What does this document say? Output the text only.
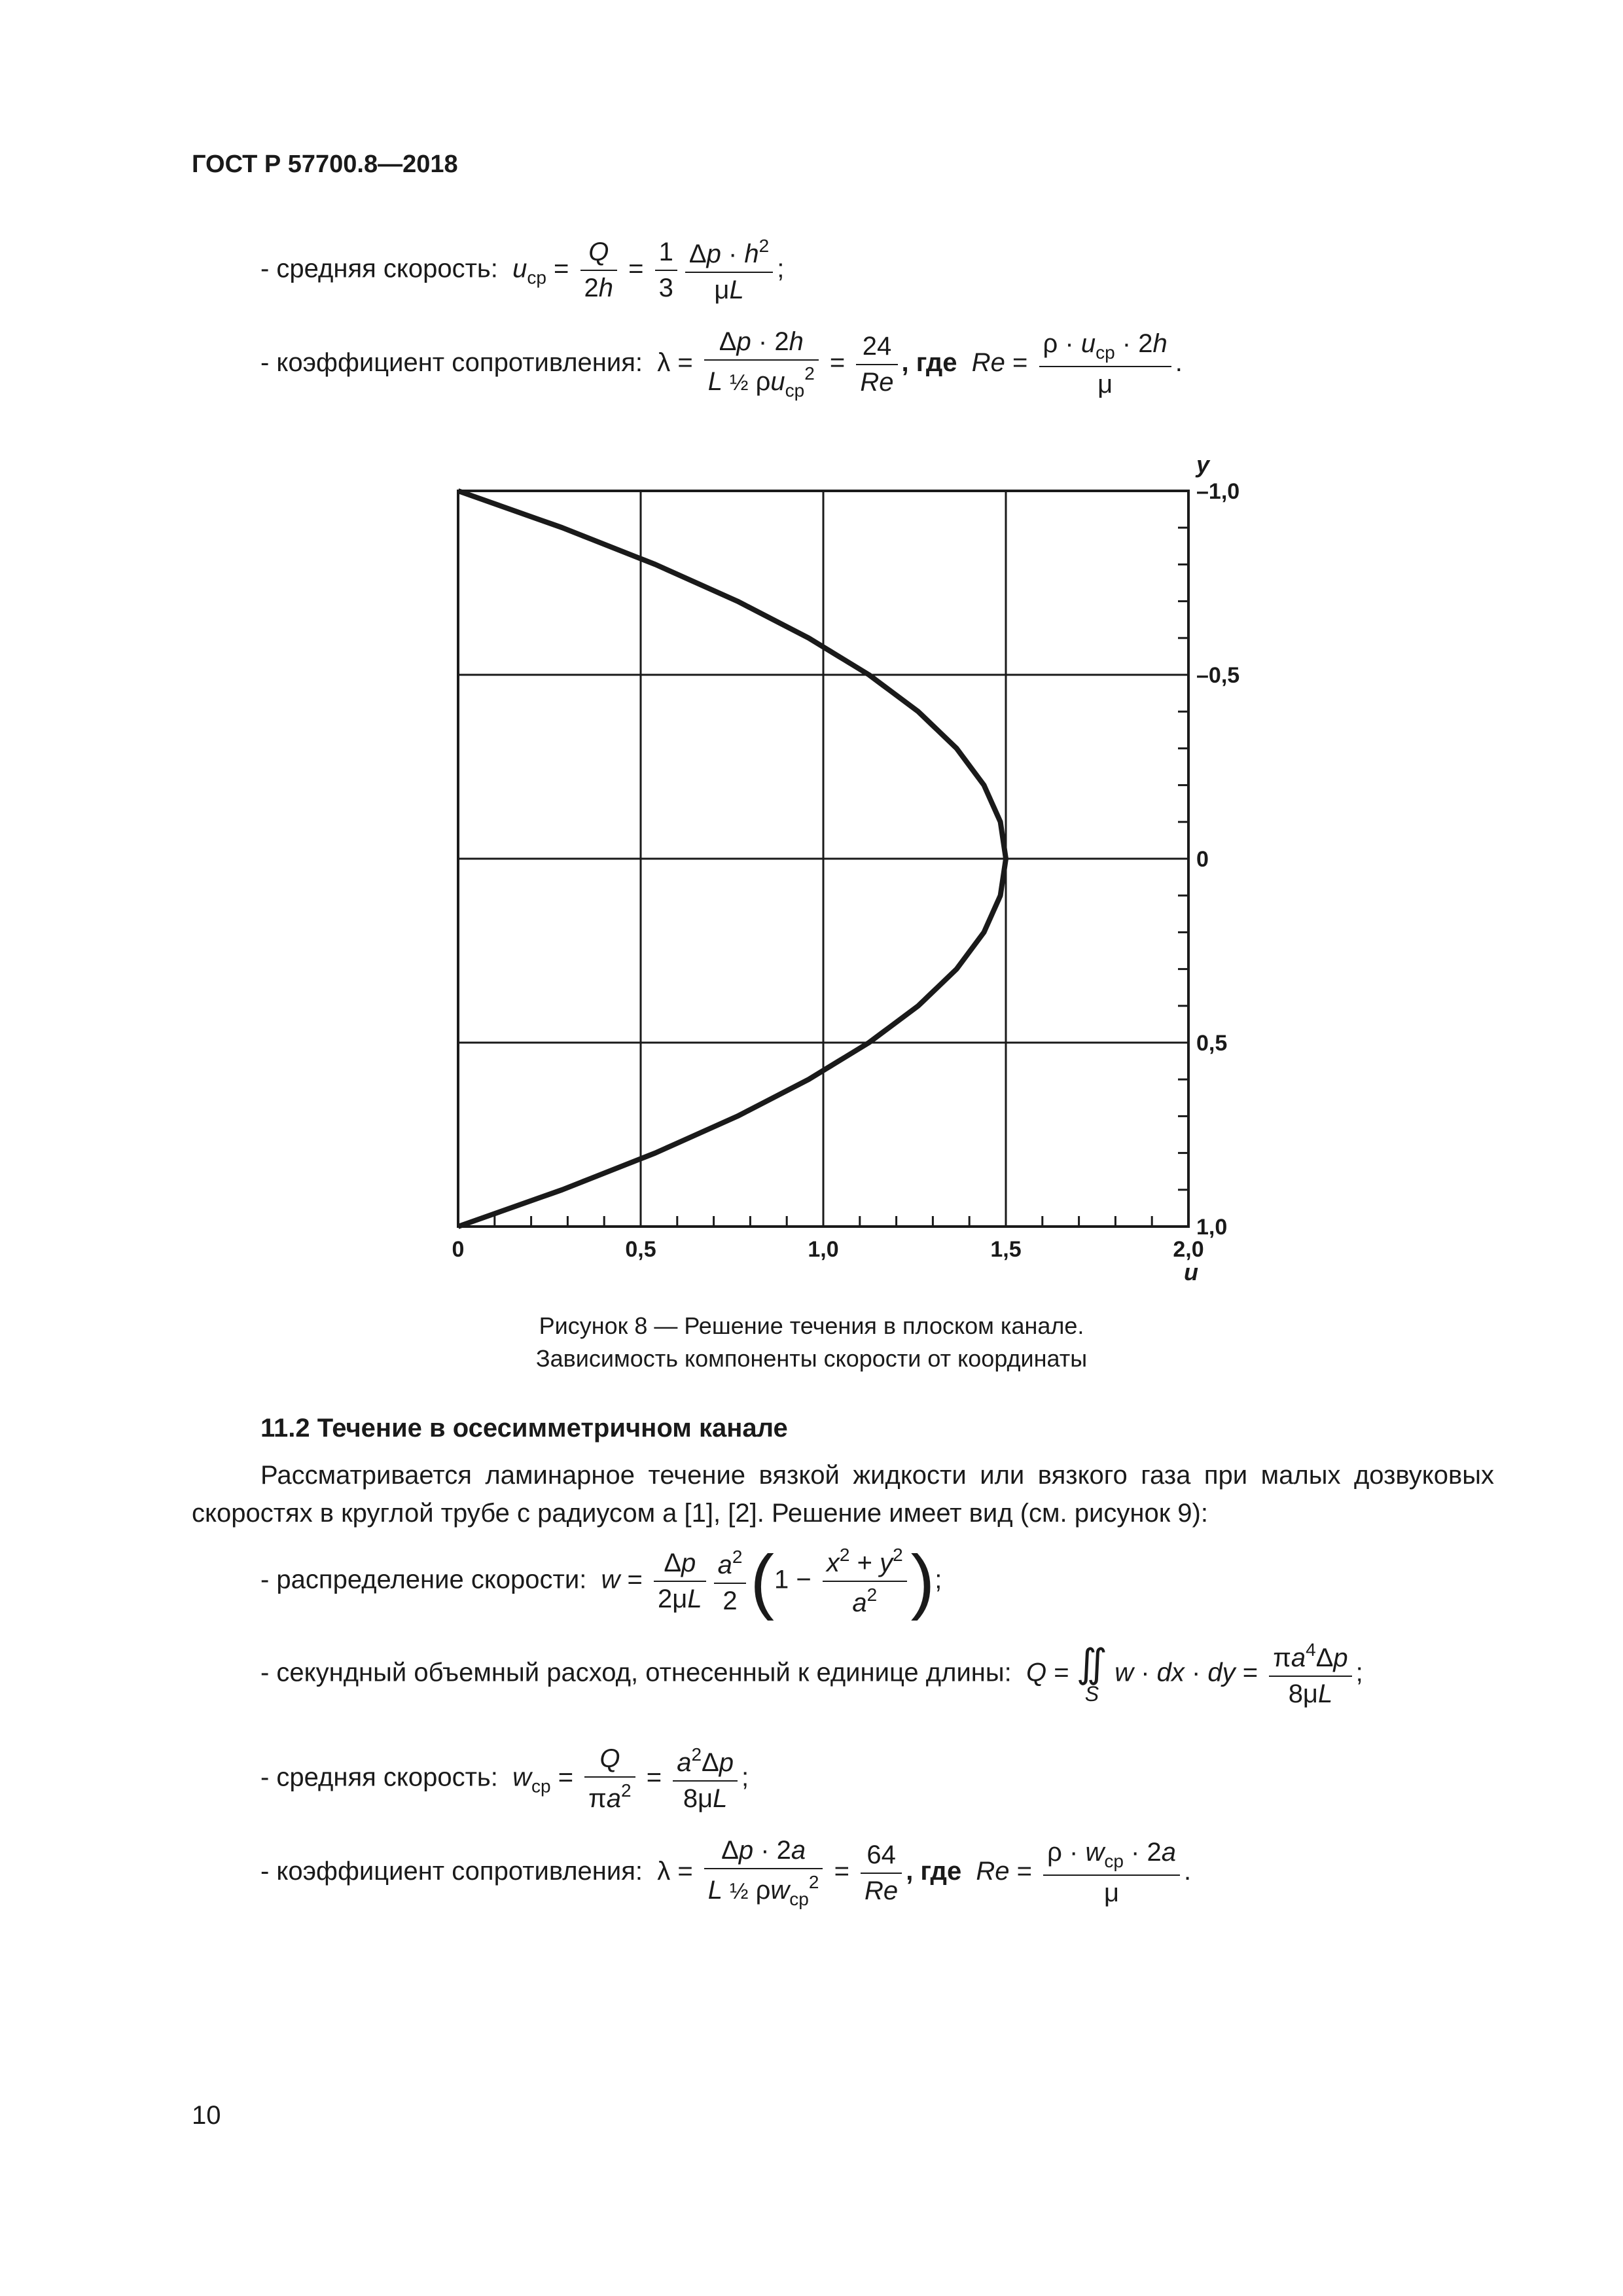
ГОСТ Р 57700.8—2018
- средняя скорость:  $u_{ср} = \frac{Q}{2h} = \frac{1}{3} \frac{\Delta p \cdot h^2}{\mu L}$ ;
- коэффициент сопротивления:  $\lambda = \frac{\Delta p \cdot 2h}{L \frac{1}{2} \rho u_{ср}^2} = \frac{24}{Re}$ , где $Re = \frac{\rho \cdot u_{ср} \cdot 2h}{\mu}$ .
0	0,5	1,0	1,5	2,0
–1,0
–0,5
0
0,5
1,0
y
u
Рисунок 8 — Решение течения в плоском канале.
Зависимость компоненты скорости от координаты
11.2 Течение в осесимметричном канале
Рассматривается ламинарное течение вязкой жидкости или вязкого газа при малых дозвуковых скоростях в круглой трубе с радиусом а [1], [2]. Решение имеет вид (см. рисунок 9):
- распределение скорости: $w = \frac{\Delta p}{2\mu L} \frac{a^2}{2} (1 - \frac{x^2 + y^2}{a^2}$ );
- секундный объемный расход, отнесенный к единице длины: Q = ∬
S
w · dx · dy = $\frac{\pi a^4\Delta p}{8\mu L}$ ;
- средняя скорость: $w_{ср} = \frac{Q}{\pi a^2} = \frac{a^2\Delta p}{8\mu L}$ ;
- коэффициент сопротивления:  $\lambda = \frac{\Delta p \cdot 2a}{L \frac{1}{2} \rho w_{ср}^2} = \frac{64}{Re}$ , где $Re = \frac{\rho \cdot w_{ср} \cdot 2a}{\mu}$ .
10
